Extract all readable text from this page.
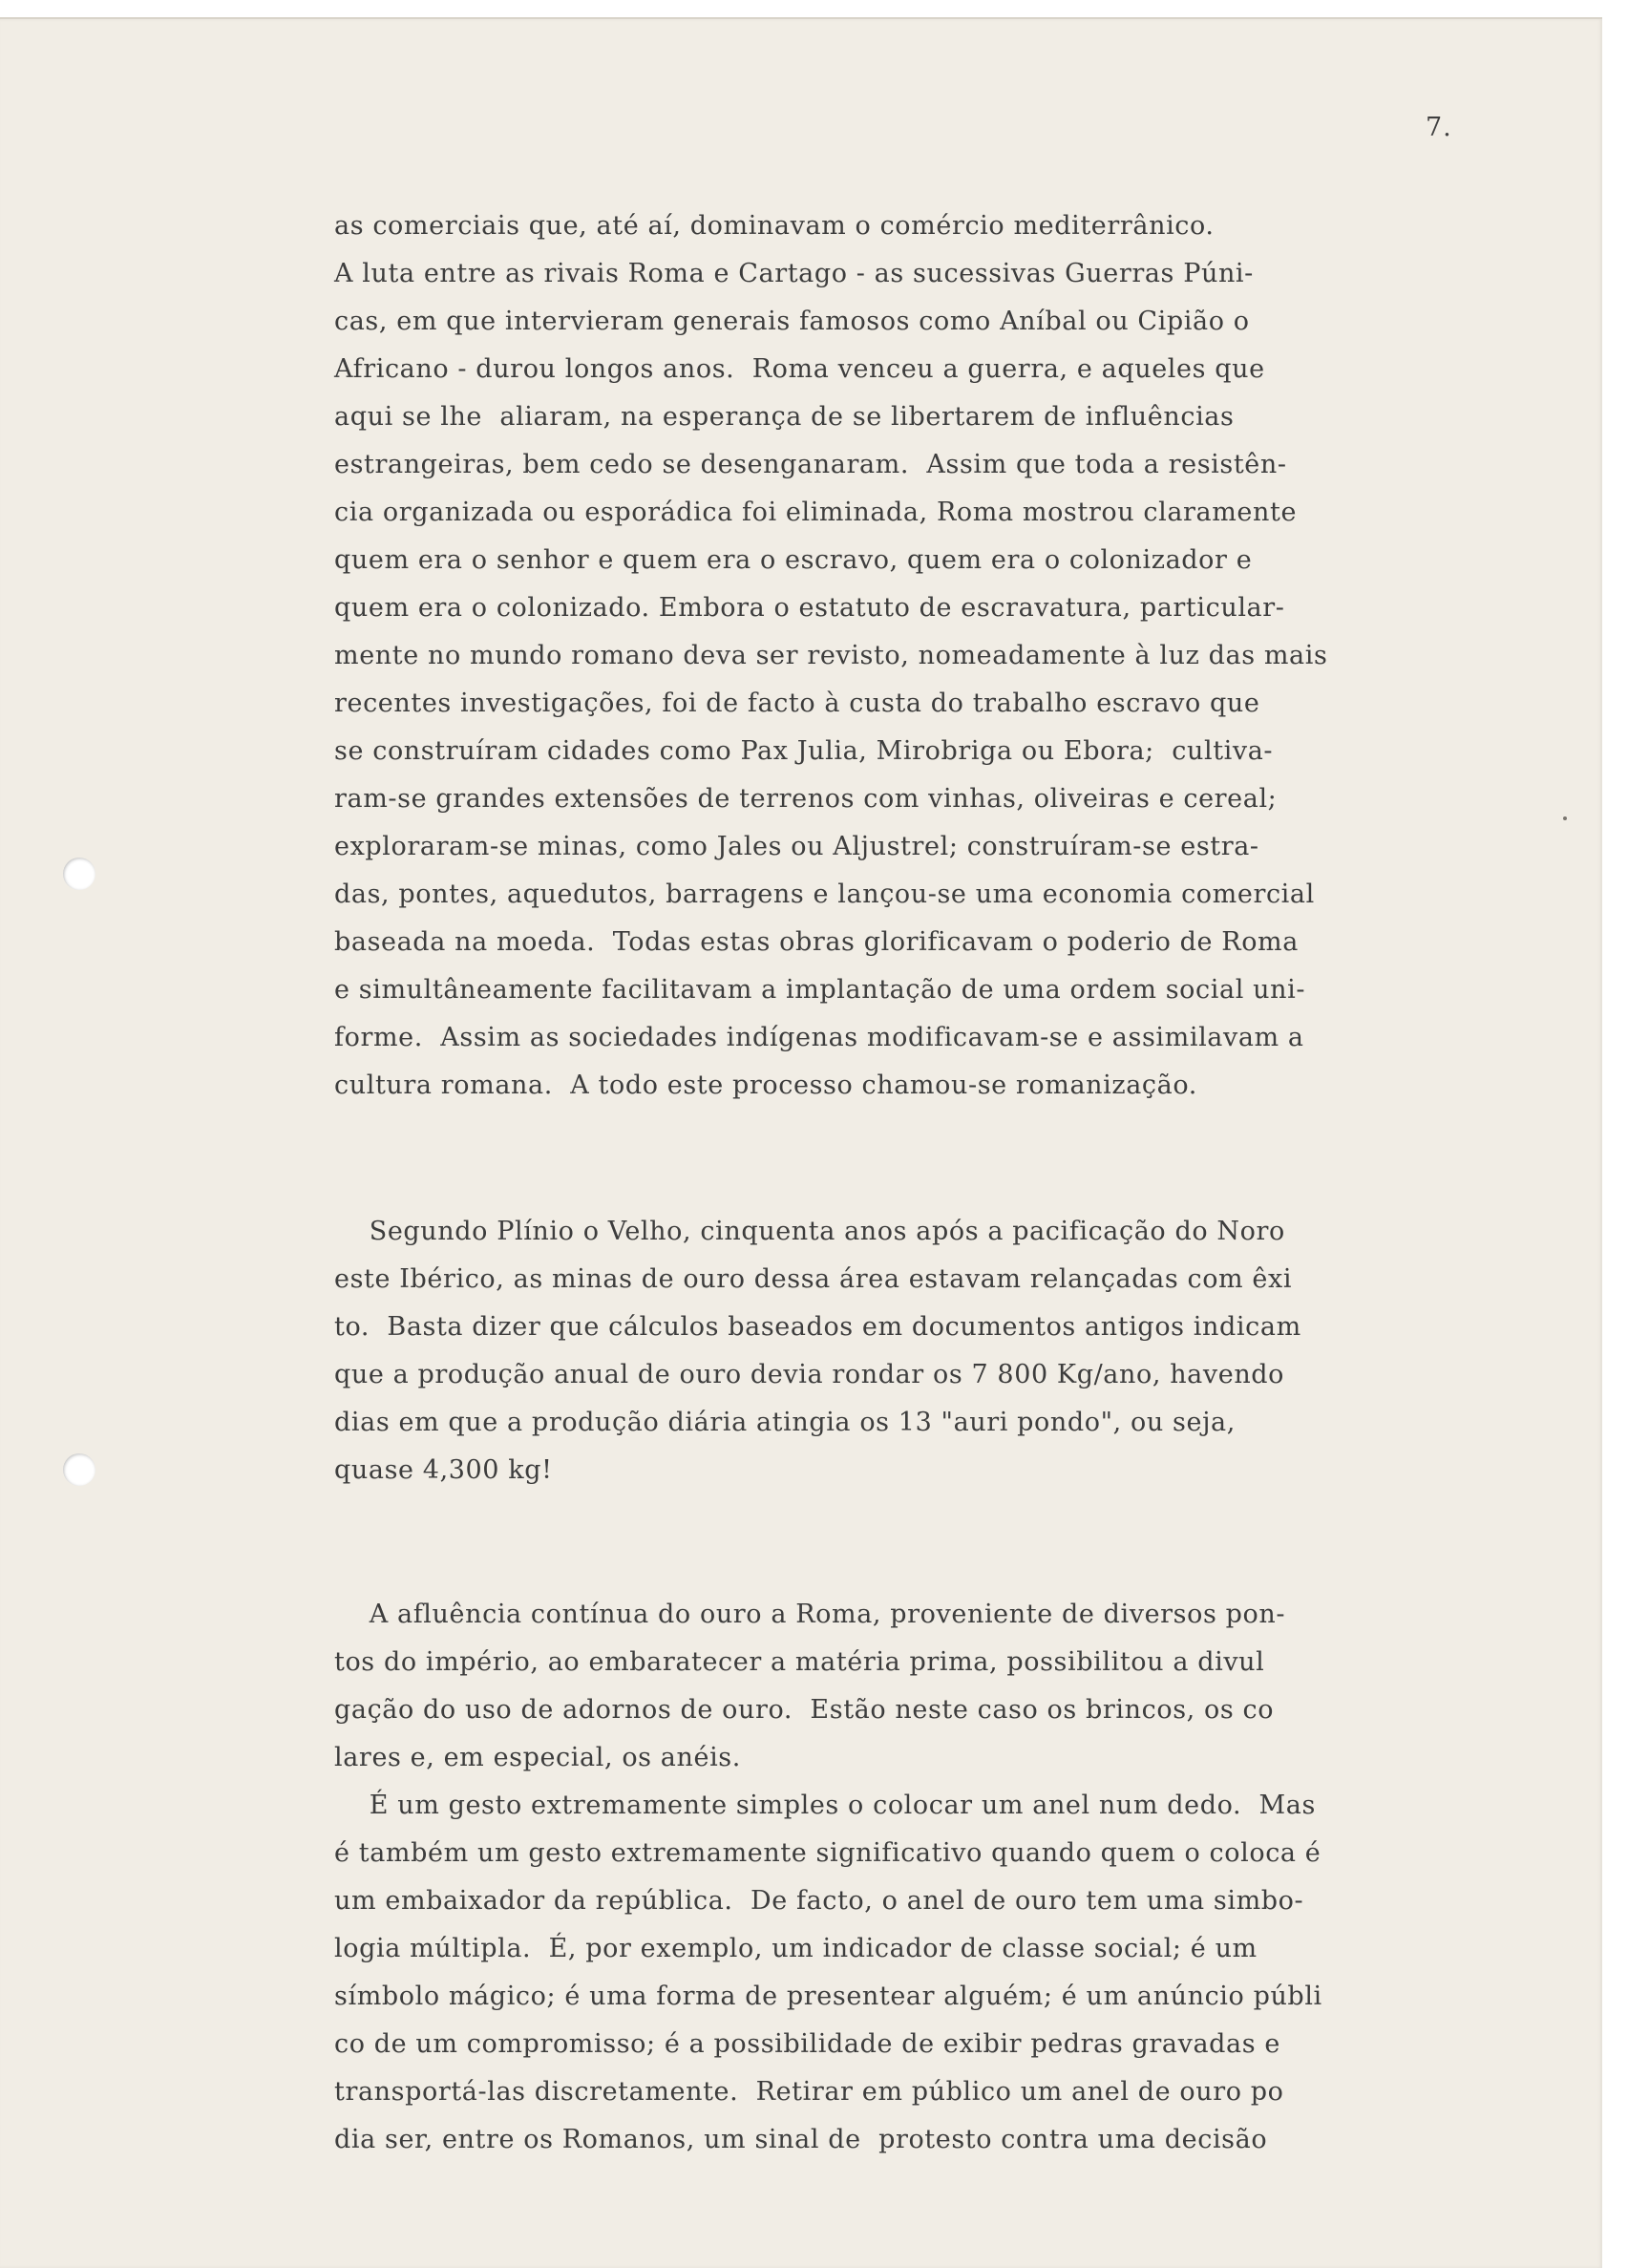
7.
as comerciais que, até aí, dominavam o comércio mediterrânico.
A luta entre as rivais Roma e Cartago - as sucessivas Guerras Púni-
cas, em que intervieram generais famosos como Aníbal ou Cipião o
Africano - durou longos anos.  Roma venceu a guerra, e aqueles que
aqui se lhe  aliaram, na esperança de se libertarem de influências
estrangeiras, bem cedo se desenganaram.  Assim que toda a resistên-
cia organizada ou esporádica foi eliminada, Roma mostrou claramente
quem era o senhor e quem era o escravo, quem era o colonizador e
quem era o colonizado. Embora o estatuto de escravatura, particular-
mente no mundo romano deva ser revisto, nomeadamente à luz das mais
recentes investigações, foi de facto à custa do trabalho escravo que
se construíram cidades como Pax Julia, Mirobriga ou Ebora;  cultiva-
ram-se grandes extensões de terrenos com vinhas, oliveiras e cereal;
exploraram-se minas, como Jales ou Aljustrel; construíram-se estra-
das, pontes, aquedutos, barragens e lançou-se uma economia comercial
baseada na moeda.  Todas estas obras glorificavam o poderio de Roma
e simultâneamente facilitavam a implantação de uma ordem social uni-
forme.  Assim as sociedades indígenas modificavam-se e assimilavam a
cultura romana.  A todo este processo chamou-se romanização.
Segundo Plínio o Velho, cinquenta anos após a pacificação do Noro
este Ibérico, as minas de ouro dessa área estavam relançadas com êxi
to.  Basta dizer que cálculos baseados em documentos antigos indicam
que a produção anual de ouro devia rondar os 7 800 Kg/ano, havendo
dias em que a produção diária atingia os 13 "auri pondo", ou seja,
quase 4,300 kg!
A afluência contínua do ouro a Roma, proveniente de diversos pon-
tos do império, ao embaratecer a matéria prima, possibilitou a divul
gação do uso de adornos de ouro.  Estão neste caso os brincos, os co
lares e, em especial, os anéis.
É um gesto extremamente simples o colocar um anel num dedo.  Mas
é também um gesto extremamente significativo quando quem o coloca é
um embaixador da república.  De facto, o anel de ouro tem uma simbo-
logia múltipla.  É, por exemplo, um indicador de classe social; é um
símbolo mágico; é uma forma de presentear alguém; é um anúncio públi
co de um compromisso; é a possibilidade de exibir pedras gravadas e
transportá-las discretamente.  Retirar em público um anel de ouro po
dia ser, entre os Romanos, um sinal de  protesto contra uma decisão
